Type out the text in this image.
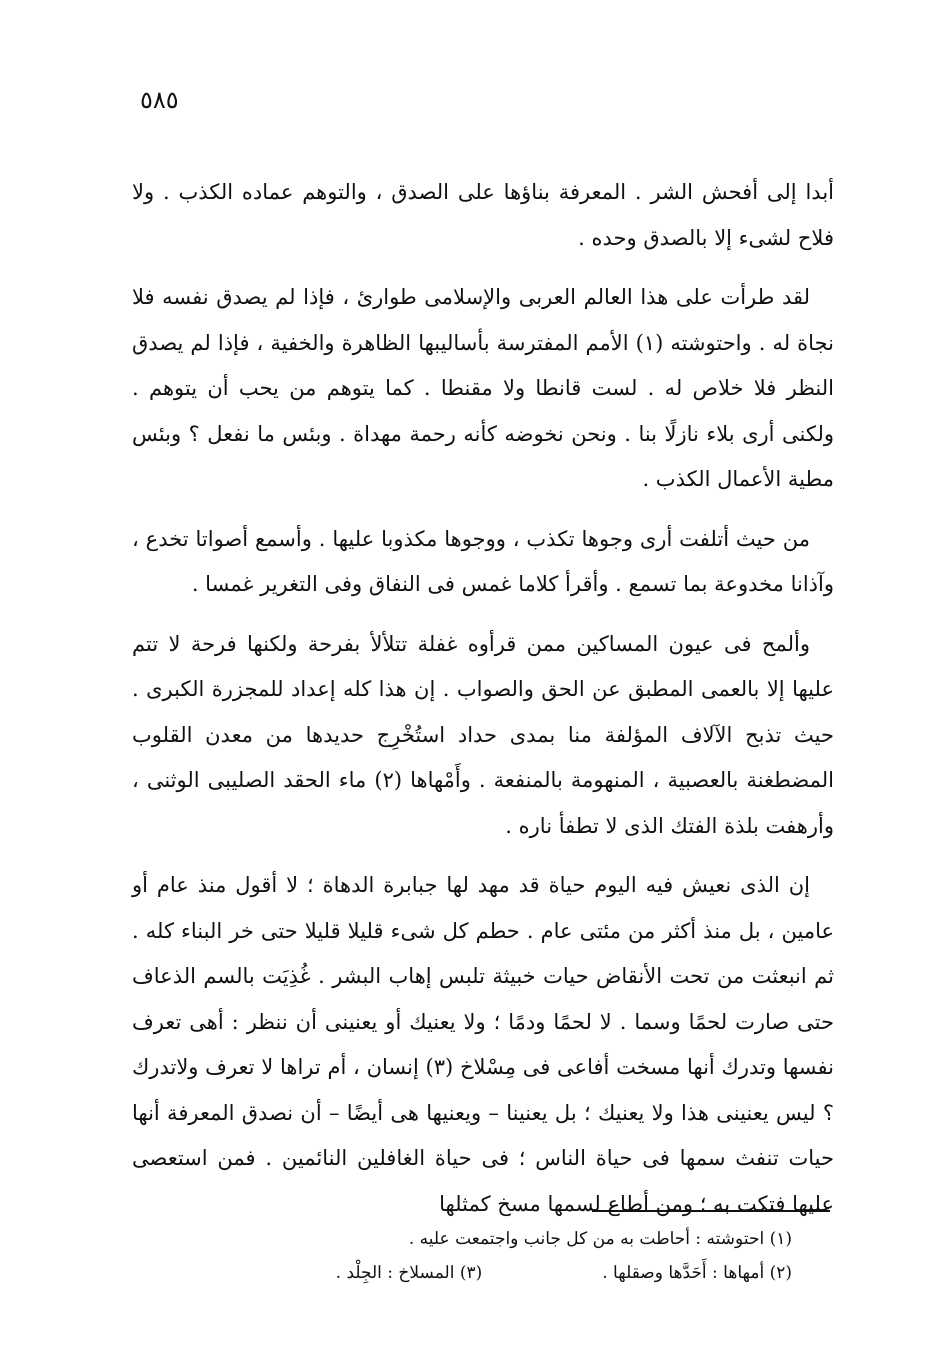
٥٨٥

أبدا إلى أفحش الشر . المعرفة بناؤها على الصدق ، والتوهم عماده الكذب . ولا فلاح لشىء إلا بالصدق وحده .

لقد طرأت على هذا العالم العربى والإسلامى طوارئ ، فإذا لم يصدق نفسه فلا نجاة له . واحتوشته (١) الأمم المفترسة بأساليبها الظاهرة والخفية ، فإذا لم يصدق النظر فلا خلاص له . لست قانطا ولا مقنطا . كما يتوهم من يحب أن يتوهم . ولكنى أرى بلاء نازلًا بنا . ونحن نخوضه كأنه رحمة مهداة . وبئس ما نفعل ؟ وبئس مطية الأعمال الكذب .

من حيث أتلفت أرى وجوها تكذب ، ووجوها مكذوبا عليها . وأسمع أصواتا تخدع ، وآذانا مخدوعة بما تسمع . وأقرأ كلاما غمس فى النفاق وفى التغرير غمسا .

وألمح فى عيون المساكين ممن قرأوه غفلة تتلألأ بفرحة ولكنها فرحة لا تتم عليها إلا بالعمى المطبق عن الحق والصواب . إن هذا كله إعداد للمجزرة الكبرى . حيث تذبح الآلاف المؤلفة منا بمدى حداد استُخْرِج حديدها من معدن القلوب المضطغنة بالعصبية ، المنهومة بالمنفعة . وأَمْهاها (٢) ماء الحقد الصليبى الوثنى ، وأرهفت بلذة الفتك الذى لا تطفأ ناره .

إن الذى نعيش فيه اليوم حياة قد مهد لها جبابرة الدهاة ؛ لا أقول منذ عام أو عامين ، بل منذ أكثر من مئتى عام . حطم كل شىء قليلا قليلا حتى خر البناء كله . ثم انبعثت من تحت الأنقاض حيات خبيثة تلبس إهاب البشر . غُذِيَت بالسم الذعاف حتى صارت لحمًا وسما . لا لحمًا ودمًا ؛ ولا يعنيك أو يعنينى أن ننظر : أهى تعرف نفسها وتدرك أنها مسخت أفاعى فى مِسْلاخ (٣) إنسان ، أم تراها لا تعرف ولاتدرك ؟ ليس يعنينى هذا ولا يعنيك ؛ بل يعنينا – ويعنيها هى أيضًا – أن نصدق المعرفة أنها حيات تنفث سمها فى حياة الناس ؛ فى حياة الغافلين النائمين . فمن استعصى عليها فتكت به ؛ ومن أطاع لسمها مسخ كمثلها

(١) احتوشته : أحاطت به من كل جانب واجتمعت عليه .
(٢) أمهاها : أَحَدَّها وصقلها .
(٣) المسلاخ : الجِلْد .
